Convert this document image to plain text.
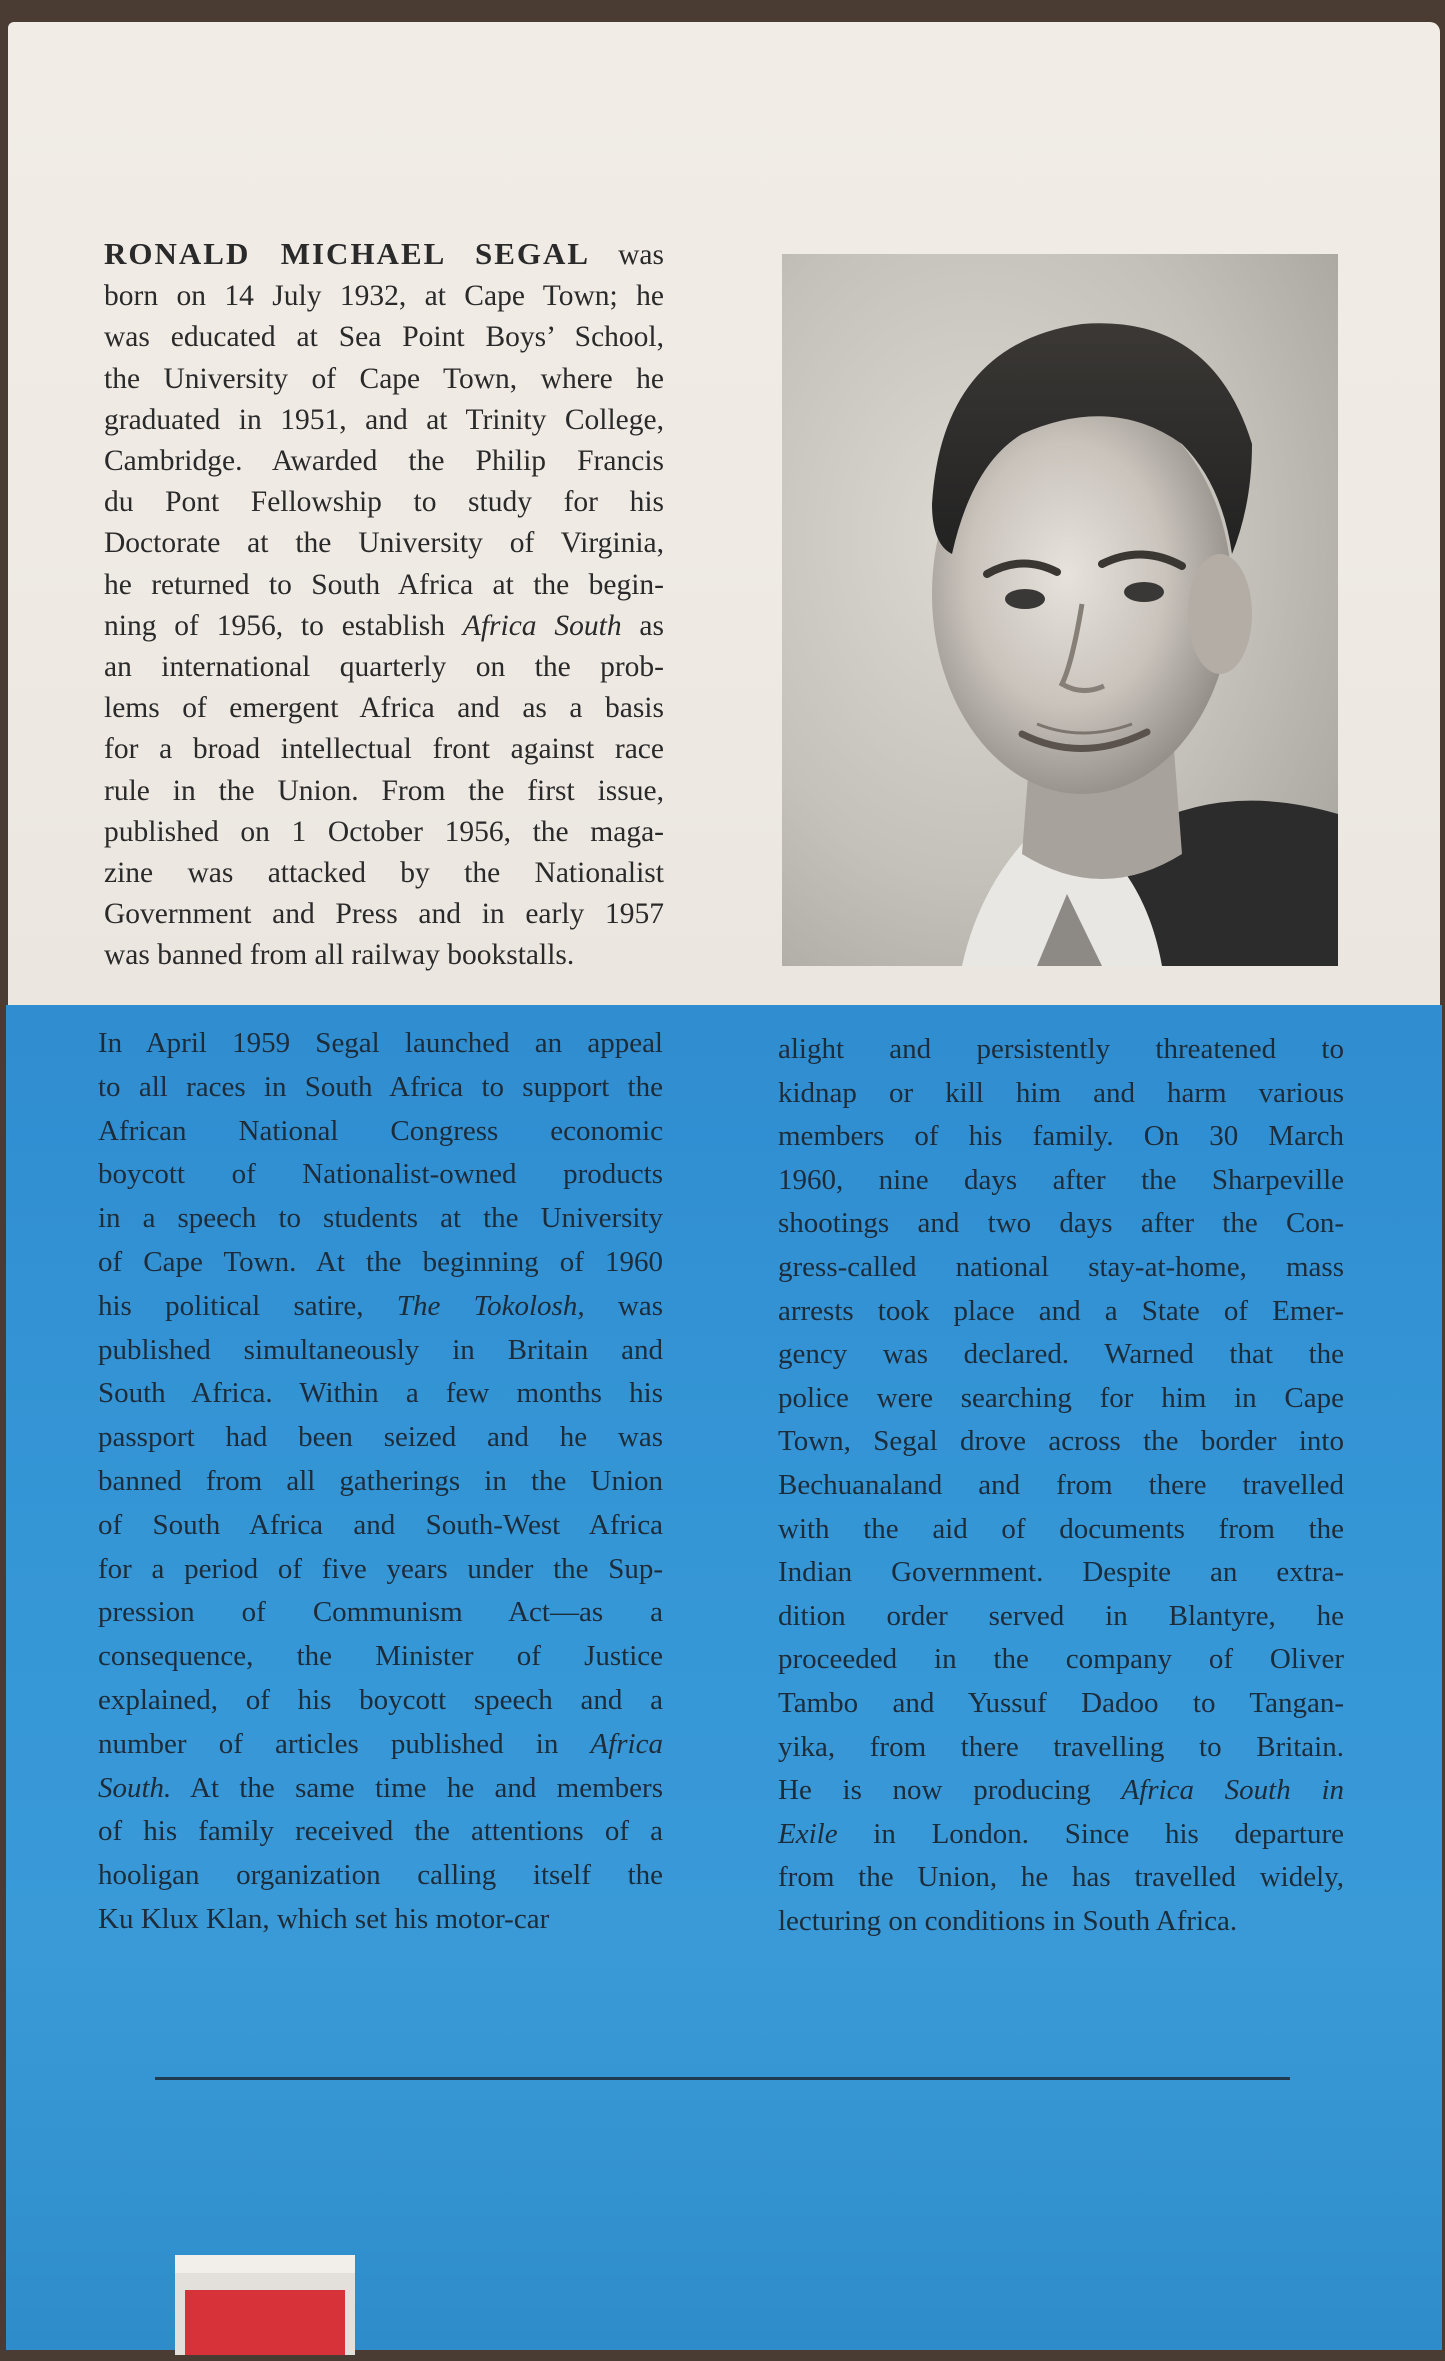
RONALD MICHAEL SEGAL was
born on 14 July 1932, at Cape Town; he
was educated at Sea Point Boys’ School,
the University of Cape Town, where he
graduated in 1951, and at Trinity College,
Cambridge. Awarded the Philip Francis
du Pont Fellowship to study for his
Doctorate at the University of Virginia,
he returned to South Africa at the begin-
ning of 1956, to establish Africa South as
an international quarterly on the prob-
lems of emergent Africa and as a basis
for a broad intellectual front against race
rule in the Union. From the first issue,
published on 1 October 1956, the maga-
zine was attacked by the Nationalist
Government and Press and in early 1957
was banned from all railway bookstalls.
In April 1959 Segal launched an appeal
to all races in South Africa to support the
African National Congress economic
boycott of Nationalist-owned products
in a speech to students at the University
of Cape Town. At the beginning of 1960
his political satire, The Tokolosh, was
published simultaneously in Britain and
South Africa. Within a few months his
passport had been seized and he was
banned from all gatherings in the Union
of South Africa and South-West Africa
for a period of five years under the Sup-
pression of Communism Act—as a
consequence, the Minister of Justice
explained, of his boycott speech and a
number of articles published in Africa
South. At the same time he and members
of his family received the attentions of a
hooligan organization calling itself the
Ku Klux Klan, which set his motor-car
alight and persistently threatened to
kidnap or kill him and harm various
members of his family. On 30 March
1960, nine days after the Sharpeville
shootings and two days after the Con-
gress-called national stay-at-home, mass
arrests took place and a State of Emer-
gency was declared. Warned that the
police were searching for him in Cape
Town, Segal drove across the border into
Bechuanaland and from there travelled
with the aid of documents from the
Indian Government. Despite an extra-
dition order served in Blantyre, he
proceeded in the company of Oliver
Tambo and Yussuf Dadoo to Tangan-
yika, from there travelling to Britain.
He is now producing Africa South in
Exile in London. Since his departure
from the Union, he has travelled widely,
lecturing on conditions in South Africa.
